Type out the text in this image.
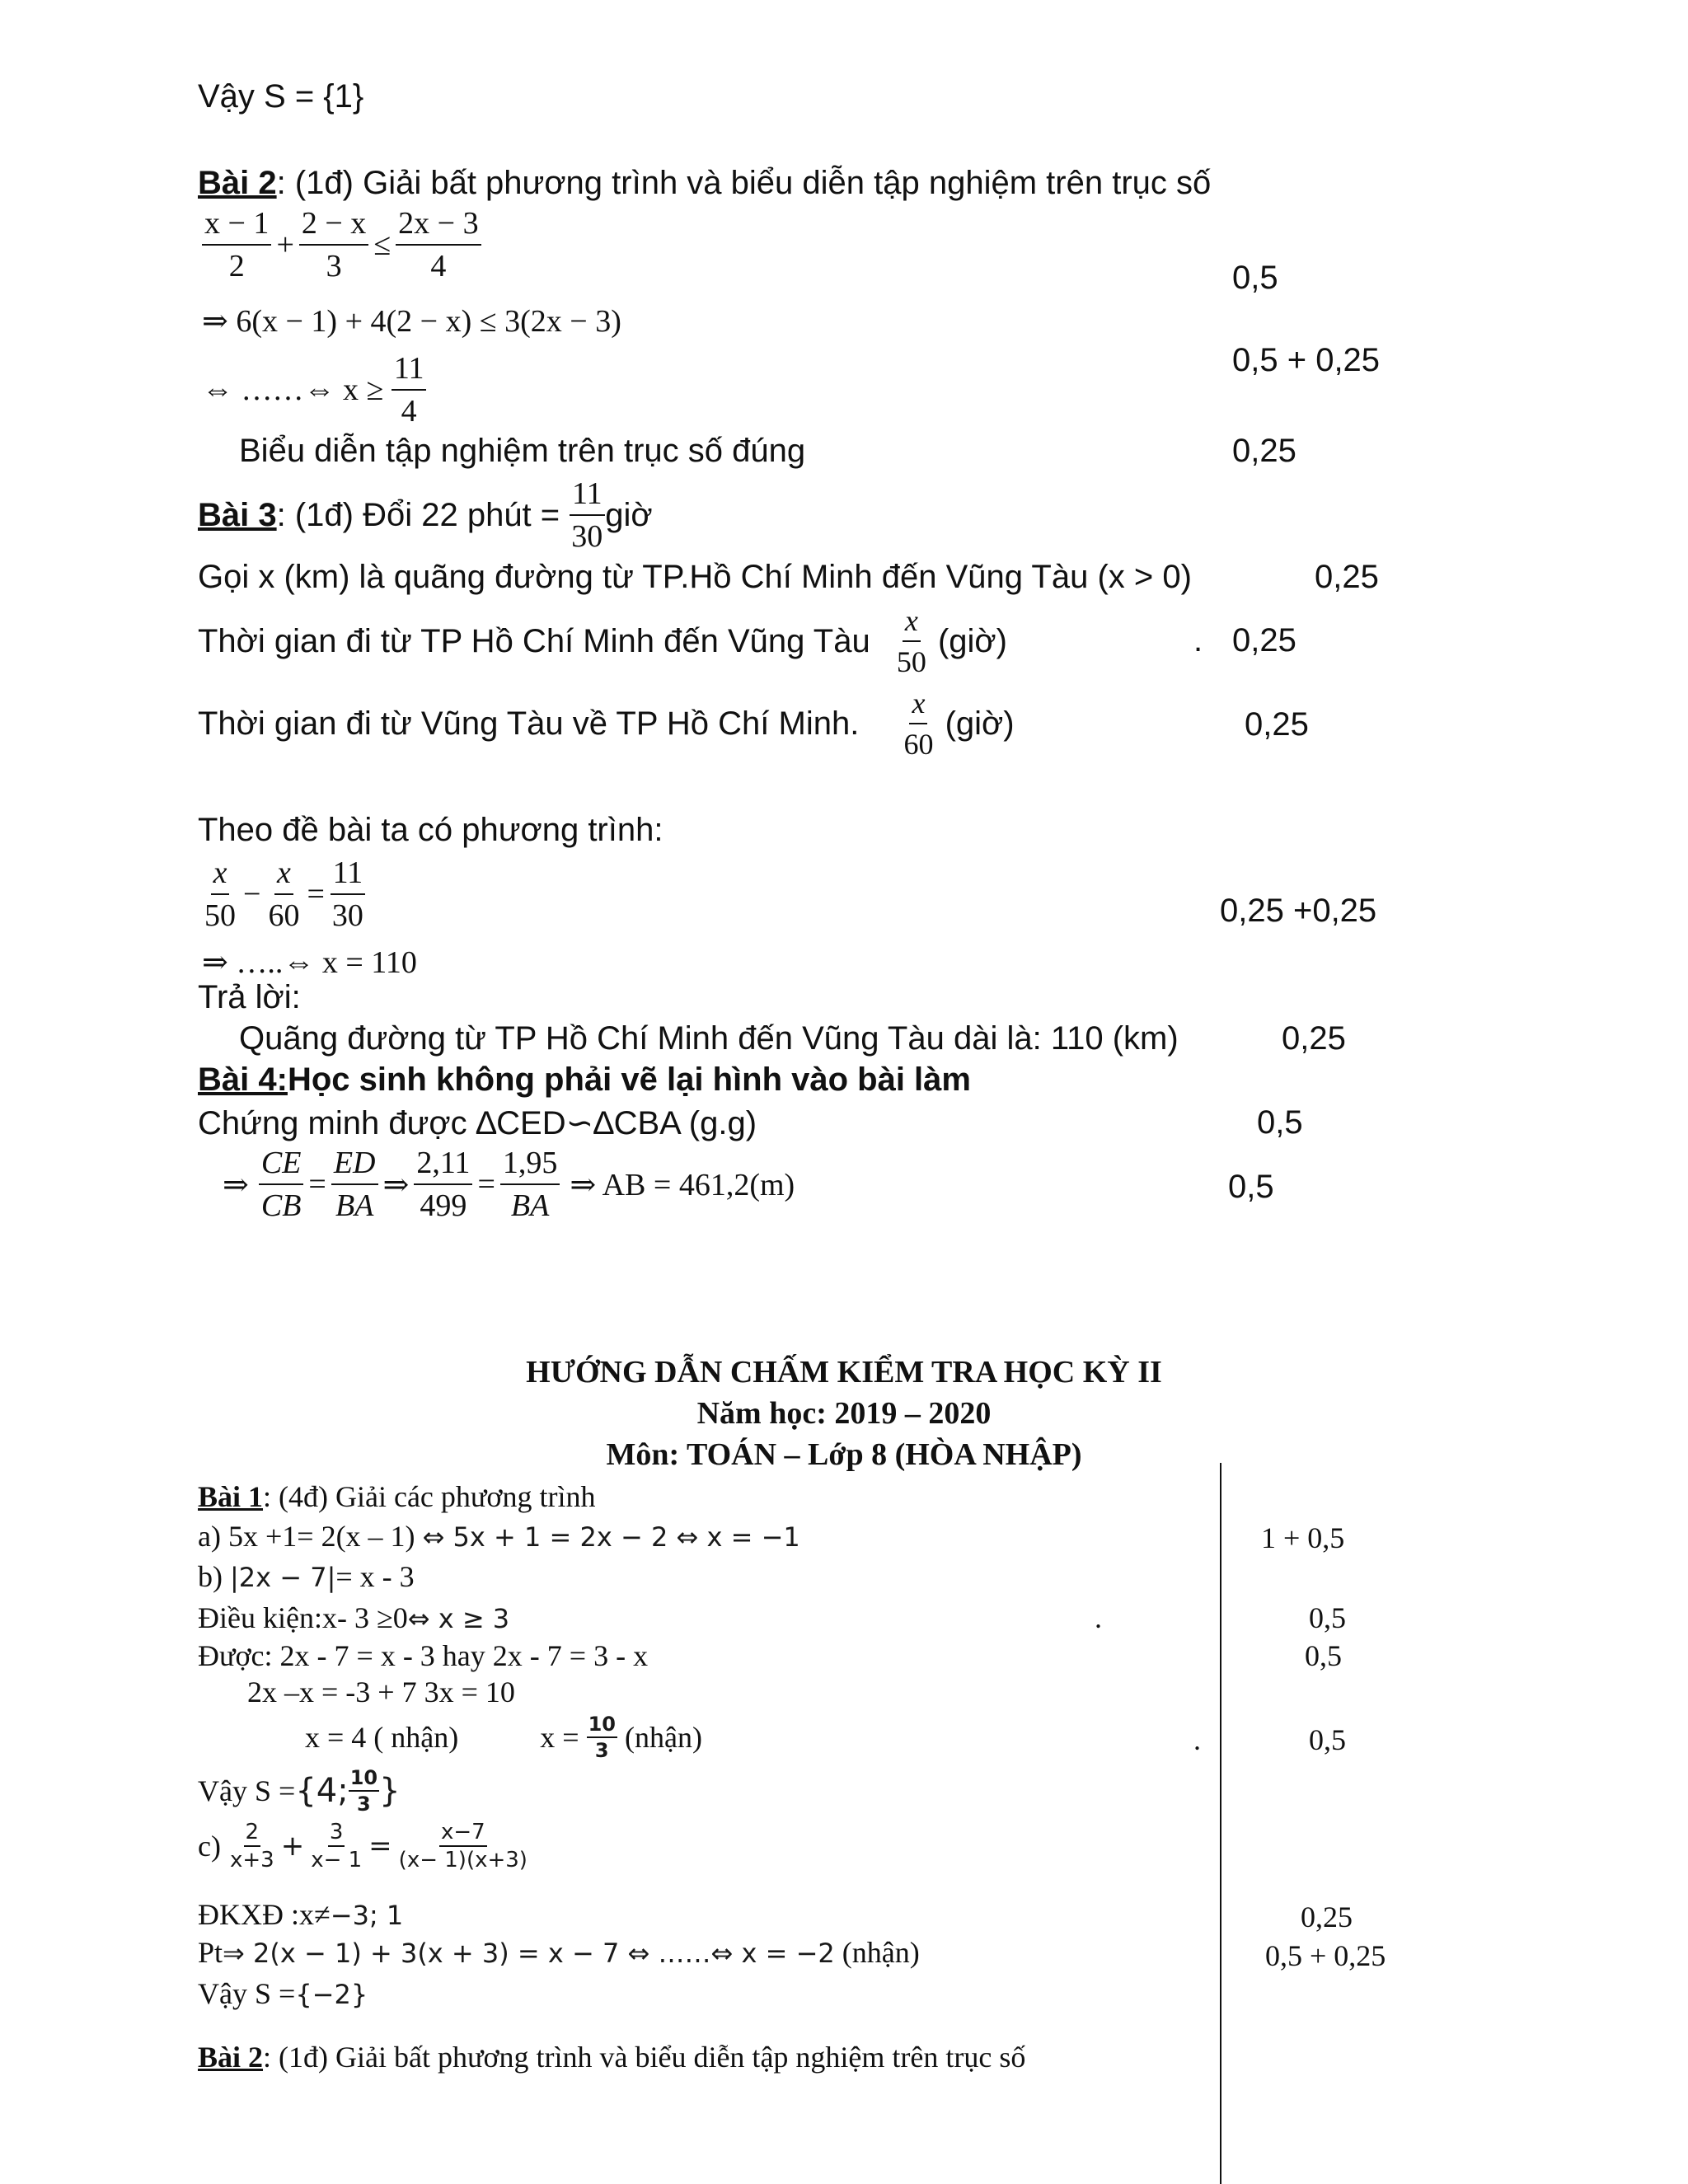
Vậy S = {1}
Bài 2: (1đ) Giải bất phương trình và biểu diễn tập nghiệm trên trục số
$\frac{x - 1}{2} + \frac{2 - x}{3} \le \frac{2x - 3}{4}$	0,5
⇒ 6(x − 1) + 4(2 − x) ≤ 3(2x − 3)
⇔ ……⇔ $x \ge \frac{11}{4}$	0,5 + 0,25
Biểu diễn tập nghiệm trên trục số đúng	0,25
Bài 3: (1đ) Đổi 22 phút = $\frac{11}{30}$ giờ
Gọi x (km) là quãng đường từ TP.Hồ Chí Minh đến Vũng Tàu (x > 0)	0,25
Thời gian đi từ TP Hồ Chí Minh đến Vũng Tàu $\frac{x}{50}$ (giờ)	. 0,25
Thời gian đi từ Vũng Tàu về TP Hồ Chí Minh. $\frac{x}{60}$ (giờ)	0,25
Theo đề bài ta có phương trình:
$\frac{x}{50} - \frac{x}{60} = \frac{11}{30}$	0,25 +0,25
⇒ …..⇔ x = 110
Trả lời:
Quãng đường từ TP Hồ Chí Minh đến Vũng Tàu dài là: 110 (km)	0,25
Bài 4:Học sinh không phải vẽ lại hình vào bài làm
Chứng minh được ∆CED∽∆CBA (g.g)	0,5
⇒ $\frac{CE}{CB} = \frac{ED}{BA}$ ⇒ $\frac{2,11}{499} = \frac{1,95}{BA}$ ⇒ AB = 461,2(m)	0,5
HƯỚNG DẪN CHẤM KIỂM TRA HỌC KỲ II
Năm học: 2019 – 2020
Môn: TOÁN – Lớp 8 (HÒA NHẬP)
Bài 1: (4đ) Giải các phương trình
a) 5x +1= 2(x – 1) ⇔ 5x + 1 = 2x − 2 ⇔ x = −1	1 + 0,5
b) |2x − 7|= x - 3
Điều kiện:x- 3 ≥0⇔ x ≥ 3	.	0,5
Được: 2x - 7 = x - 3 hay 2x - 7 = 3 - x	0,5
2x –x = -3 + 7 3x = 10
x = 4 ( nhận)	$x = \frac{10}{3}$ (nhận)	.	0,5
Vậy S ={4; $\frac{10}{3}$ }
$c) \frac{2}{x+3} + \frac{3}{x- 1} = \frac{x-7}{(x- 1)(x+3)}$
ĐKXĐ :x≠−3; 1	0,25
Pt⇒ 2(x − 1) + 3(x + 3) = x − 7 ⇔ ……⇔ x = −2 (nhận)	0,5 + 0,25
Vậy S ={−2}
Bài 2: (1đ) Giải bất phương trình và biểu diễn tập nghiệm trên trục số
